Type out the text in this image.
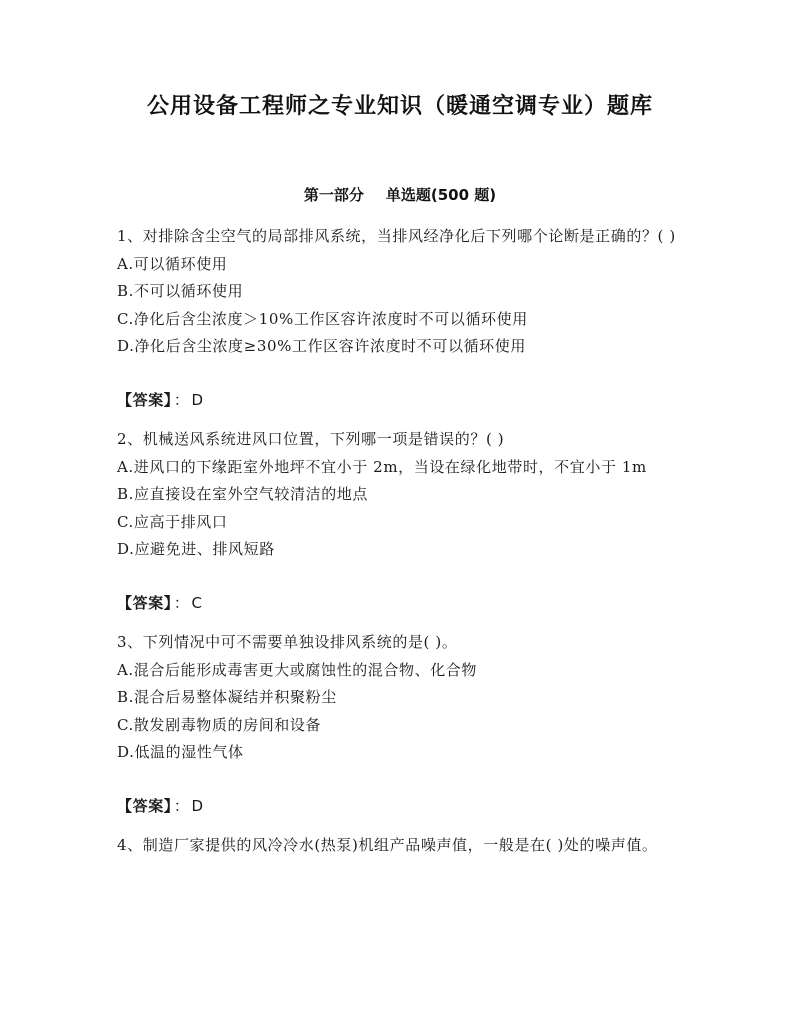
公用设备工程师之专业知识（暖通空调专业）题库
第一部分 单选题(500 题)
1、对排除含尘空气的局部排风系统，当排风经净化后下列哪个论断是正确的？( )
A.可以循环使用
B.不可以循环使用
C.净化后含尘浓度＞10%工作区容许浓度时不可以循环使用
D.净化后含尘浓度≥30%工作区容许浓度时不可以循环使用
【答案】 ： D
2、机械送风系统进风口位置，下列哪一项是错误的？( )
A.进风口的下缘距室外地坪不宜小于 2m，当设在绿化地带时，不宜小于 1m
B.应直接设在室外空气较清洁的地点
C.应高于排风口
D.应避免进、排风短路
【答案】 ： C
3、下列情况中可不需要单独设排风系统的是( )。
A.混合后能形成毒害更大或腐蚀性的混合物、化合物
B.混合后易整体凝结并积聚粉尘
C.散发剧毒物质的房间和设备
D.低温的湿性气体
【答案】 ： D
4、制造厂家提供的风冷冷水(热泵)机组产品噪声值，一般是在( )处的噪声值。
